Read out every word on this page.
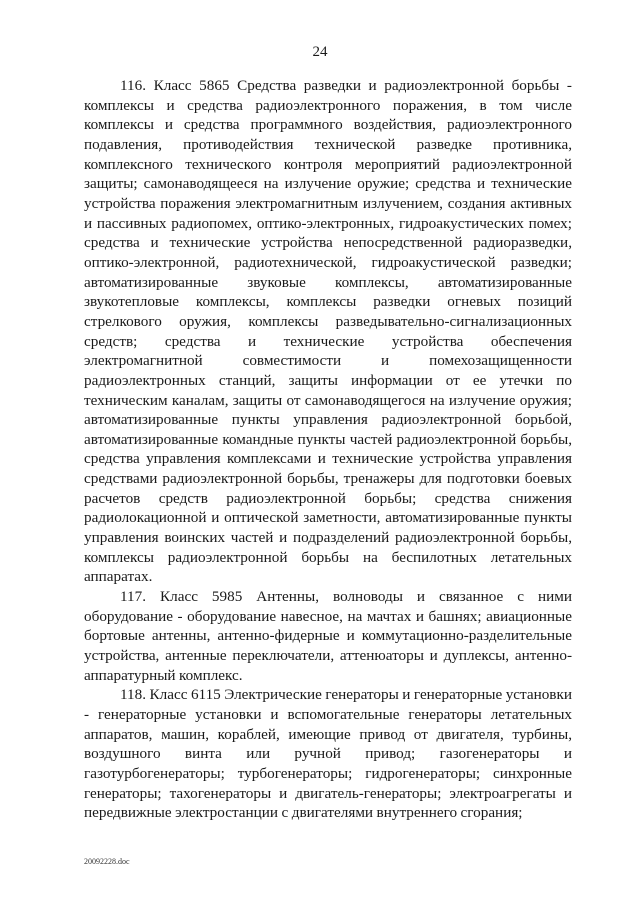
24

116. Класс 5865 Средства разведки и радиоэлектронной борьбы - комплексы и средства радиоэлектронного поражения, в том числе комплексы и средства программного воздействия, радиоэлектронного подавления, противодействия технической разведке противника, комплексного технического контроля мероприятий радиоэлектронной защиты; самонаводящееся на излучение оружие; средства и технические устройства поражения электромагнитным излучением, создания активных и пассивных радиопомех, оптико-электронных, гидроакустических помех; средства и технические устройства непосредственной радиоразведки, оптико-электронной, радиотехнической, гидроакустической разведки; автоматизированные звуковые комплексы, автоматизированные звукотепловые комплексы, комплексы разведки огневых позиций стрелкового оружия, комплексы разведывательно-сигнализационных средств; средства и технические устройства обеспечения электромагнитной совместимости и помехозащищенности радиоэлектронных станций, защиты информации от ее утечки по техническим каналам, защиты от самонаводящегося на излучение оружия; автоматизированные пункты управления радиоэлектронной борьбой, автоматизированные командные пункты частей радиоэлектронной борьбы, средства управления комплексами и технические устройства управления средствами радиоэлектронной борьбы, тренажеры для подготовки боевых расчетов средств радиоэлектронной борьбы; средства снижения радиолокационной и оптической заметности, автоматизированные пункты управления воинских частей и подразделений радиоэлектронной борьбы, комплексы радиоэлектронной борьбы на беспилотных летательных аппаратах.

117. Класс 5985 Антенны, волноводы и связанное с ними оборудование - оборудование навесное, на мачтах и башнях; авиационные бортовые антенны, антенно-фидерные и коммутационно-разделительные устройства, антенные переключатели, аттенюаторы и дуплексы, антенно-аппаратурный комплекс.

118. Класс 6115 Электрические генераторы и генераторные установки - генераторные установки и вспомогательные генераторы летательных аппаратов, машин, кораблей, имеющие привод от двигателя, турбины, воздушного винта или ручной привод; газогенераторы и газотурбогенераторы; турбогенераторы; гидрогенераторы; синхронные генераторы; тахогенераторы и двигатель-генераторы; электроагрегаты и передвижные электростанции с двигателями внутреннего сгорания;

20092228.doc
